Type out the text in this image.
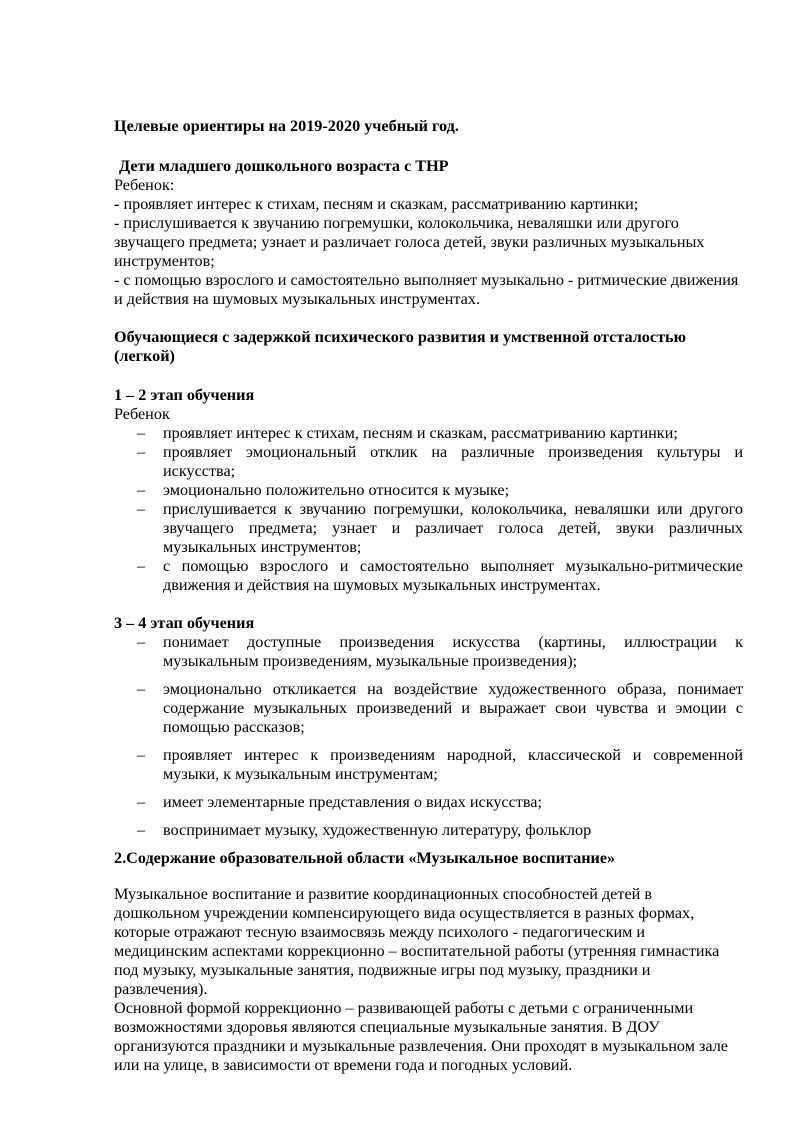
Целевые ориентиры на 2019-2020 учебный год.
Дети младшего дошкольного возраста с ТНР
Ребенок:
- проявляет интерес к стихам, песням и сказкам, рассматриванию картинки;
- прислушивается к звучанию погремушки, колокольчика, неваляшки или другого
звучащего предмета; узнает и различает голоса детей, звуки различных музыкальных
инструментов;
- с помощью взрослого и самостоятельно выполняет музыкально - ритмические движения
и действия на шумовых музыкальных инструментах.
Обучающиеся с задержкой психического развития и умственной отсталостью
(легкой)
1 – 2 этап обучения
Ребенок
– проявляет интерес к стихам, песням и сказкам, рассматриванию картинки;
– проявляет эмоциональный отклик на различные произведения культуры и
искусства;
– эмоционально положительно относится к музыке;
– прислушивается к звучанию погремушки, колокольчика, неваляшки или другого
звучащего предмета; узнает и различает голоса детей, звуки различных
музыкальных инструментов;
– с помощью взрослого и самостоятельно выполняет музыкально-ритмические
движения и действия на шумовых музыкальных инструментах.
3 – 4 этап обучения
– понимает доступные произведения искусства (картины, иллюстрации к
музыкальным произведениям, музыкальные произведения);
– эмоционально откликается на воздействие художественного образа, понимает
содержание музыкальных произведений и выражает свои чувства и эмоции с
помощью рассказов;
– проявляет интерес к произведениям народной, классической и современной
музыки, к музыкальным инструментам;
– имеет элементарные представления о видах искусства;
– воспринимает музыку, художественную литературу, фольклор
2.Содержание образовательной области «Музыкальное воспитание»
Музыкальное воспитание и развитие координационных способностей детей в
дошкольном учреждении компенсирующего вида осуществляется в разных формах,
которые отражают тесную взаимосвязь между психолого - педагогическим и
медицинским аспектами коррекционно – воспитательной работы (утренняя гимнастика
под музыку, музыкальные занятия, подвижные игры под музыку, праздники и
развлечения).
Основной формой коррекционно – развивающей работы с детьми с ограниченными
возможностями здоровья являются специальные музыкальные занятия. В ДОУ
организуются праздники и музыкальные развлечения. Они проходят в музыкальном зале
или на улице, в зависимости от времени года и погодных условий.
